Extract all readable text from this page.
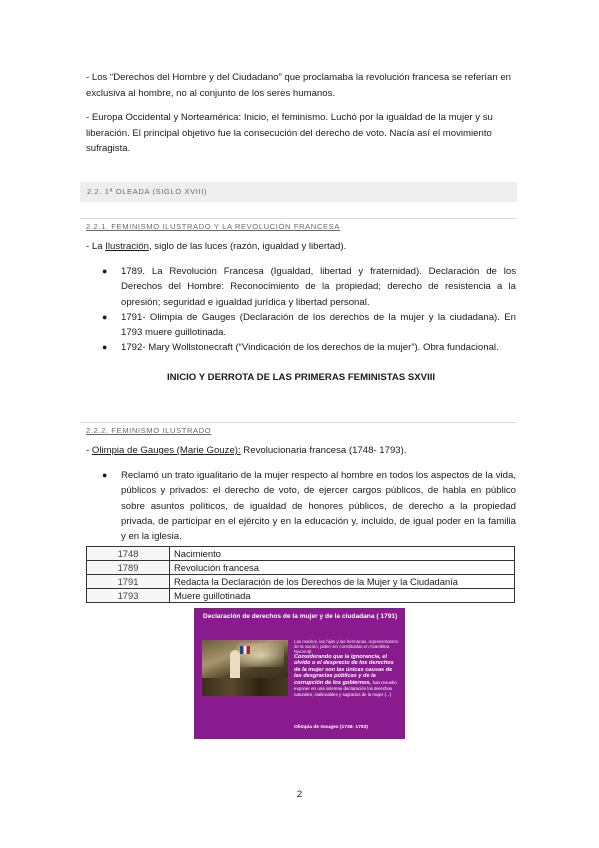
- Los “Derechos del Hombre y del Ciudadano” que proclamaba la revolución francesa se referían en exclusiva al hombre, no al conjunto de los seres humanos.

- Europa Occidental y Norteamérica: Inicio, el feminismo. Luchó por la igualdad de la mujer y su liberación. El principal objetivo fue la consecución del derecho de voto. Nacía así el movimiento sufragista.

2.2. 1ª OLEADA (SIGLO XVIII)
2.2.1. FEMINISMO ILUSTRADO Y LA REVOLUCIÓN FRANCESA
- La Ilustración, siglo de las luces (razón, igualdad y libertad).
● 1789. La Revolución Francesa (Igualdad, libertad y fraternidad). Declaración de los Derechos del Hombre: Reconocimiento de la propiedad; derecho de resistencia a la opresión; seguridad e igualdad jurídica y libertad personal.
● 1791- Olimpia de Gauges (Declaración de los derechos de la mujer y la ciudadana). En 1793 muere guillotinada.
● 1792- Mary Wollstonecraft (“Vindicación de los derechos de la mujer”). Obra fundacional.
INICIO Y DERROTA DE LAS PRIMERAS FEMINISTAS SXVIII
2.2.2. FEMINISMO ILUSTRADO
- Olimpia de Gauges (Marie Gouze): Revolucionaria francesa (1748- 1793).
● Reclamó un trato igualitario de la mujer respecto al hombre en todos los aspectos de la vida, públicos y privados: el derecho de voto, de ejercer cargos públicos, de habla en público sobre asuntos políticos, de igualdad de honores públicos, de derecho a la propiedad privada, de participar en el ejército y en la educación y, incluido, de igual poder en la familia y en la iglesia.
1748	Nacimiento
1789	Revolución francesa
1791	Redacta la Declaración de los Derechos de la Mujer y la Ciudadanía
1793	Muere guillotinada
Declaración de derechos de la mujer y de la ciudadana ( 1791)
Las madres, las hijas y las hermanas, representantes de la nación, piden ser constituidas en Asamblea Nacional.
Considerando que la ignorancia, el olvido o el desprecio de los derechos de la mujer son las únicas causas de las desgracias públicas y de la corrupción de los gobiernos, han resuelto exponer en una solemne declaración los derechos naturales, inalienables y sagrados de la mujer (...)
Olimpia de Gouges (1748- 1793)
2
